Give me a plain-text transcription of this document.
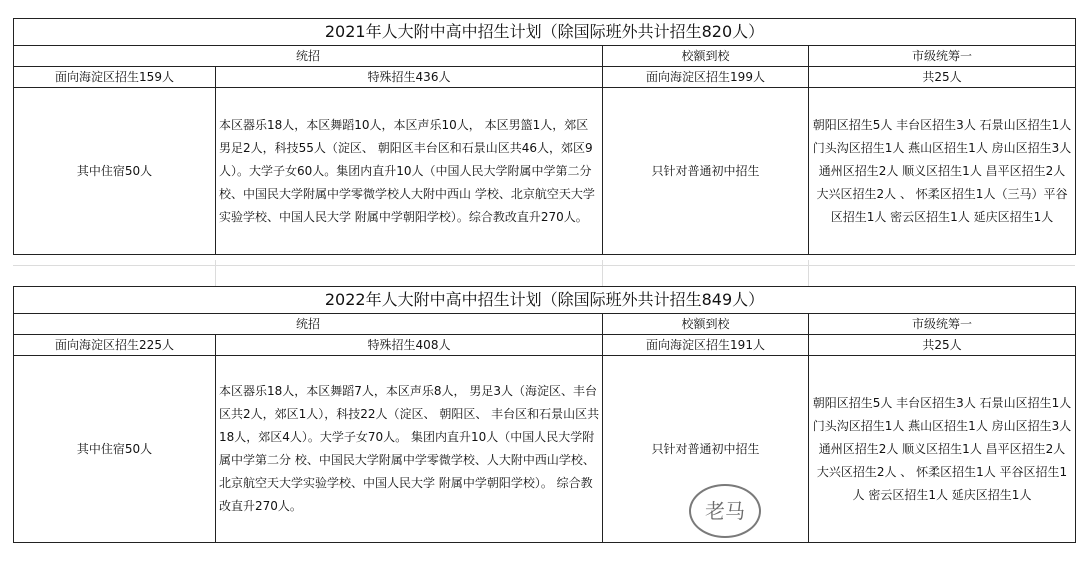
2021年人大附中高中招生计划（除国际班外共计招生820人）			
统招		校额到校	市级统筹一
面向海淀区招生159人	特殊招生436人	面向海淀区招生199人	共25人
其中住宿50人	本区器乐18人，本区舞蹈10人，本区声乐10人， 本区男篮1人，郊区男足2人，科技55人（淀区、 朝阳区丰台区和石景山区共46人，郊区9人）。大学子女60人。集团内直升10人（中国人民大学附属中学第二分 校、中国民大学附属中学零微学校人大附中西山 学校、北京航空天大学实验学校、中国人民大学 附属中学朝阳学校）。综合教改直升270人。	只针对普通初中招生	朝阳区招生5人 丰台区招生3人 石景山区招生1人 门头沟区招生1人 燕山区招生1人 房山区招生3人 通州区招生2人 顺义区招生1人 昌平区招生2人 大兴区招生2人 、 怀柔区招生1人（三马）平谷区招生1人 密云区招生1人 延庆区招生1人
2022年人大附中高中招生计划（除国际班外共计招生849人）			
统招		校额到校	市级统筹一
面向海淀区招生225人	特殊招生408人	面向海淀区招生191人	共25人
其中住宿50人	本区器乐18人，本区舞蹈7人，本区声乐8人， 男足3人（海淀区、丰台区共2人，郊区1人），科技22人（淀区、 朝阳区、 丰台区和石景山区共18人，郊区4人）。大学子女70人。 集团内直升10人（中国人民大学附属中学第二分 校、中国民大学附属中学零微学校、人大附中西山学校、北京航空天大学实验学校、中国人民大学 附属中学朝阳学校）。 综合教改直升270人。	只针对普通初中招生	朝阳区招生5人 丰台区招生3人 石景山区招生1人 门头沟区招生1人 燕山区招生1人 房山区招生3人 通州区招生2人 顺义区招生1人 昌平区招生2人 大兴区招生2人 、 怀柔区招生1人 平谷区招生1人 密云区招生1人 延庆区招生1人
老马
